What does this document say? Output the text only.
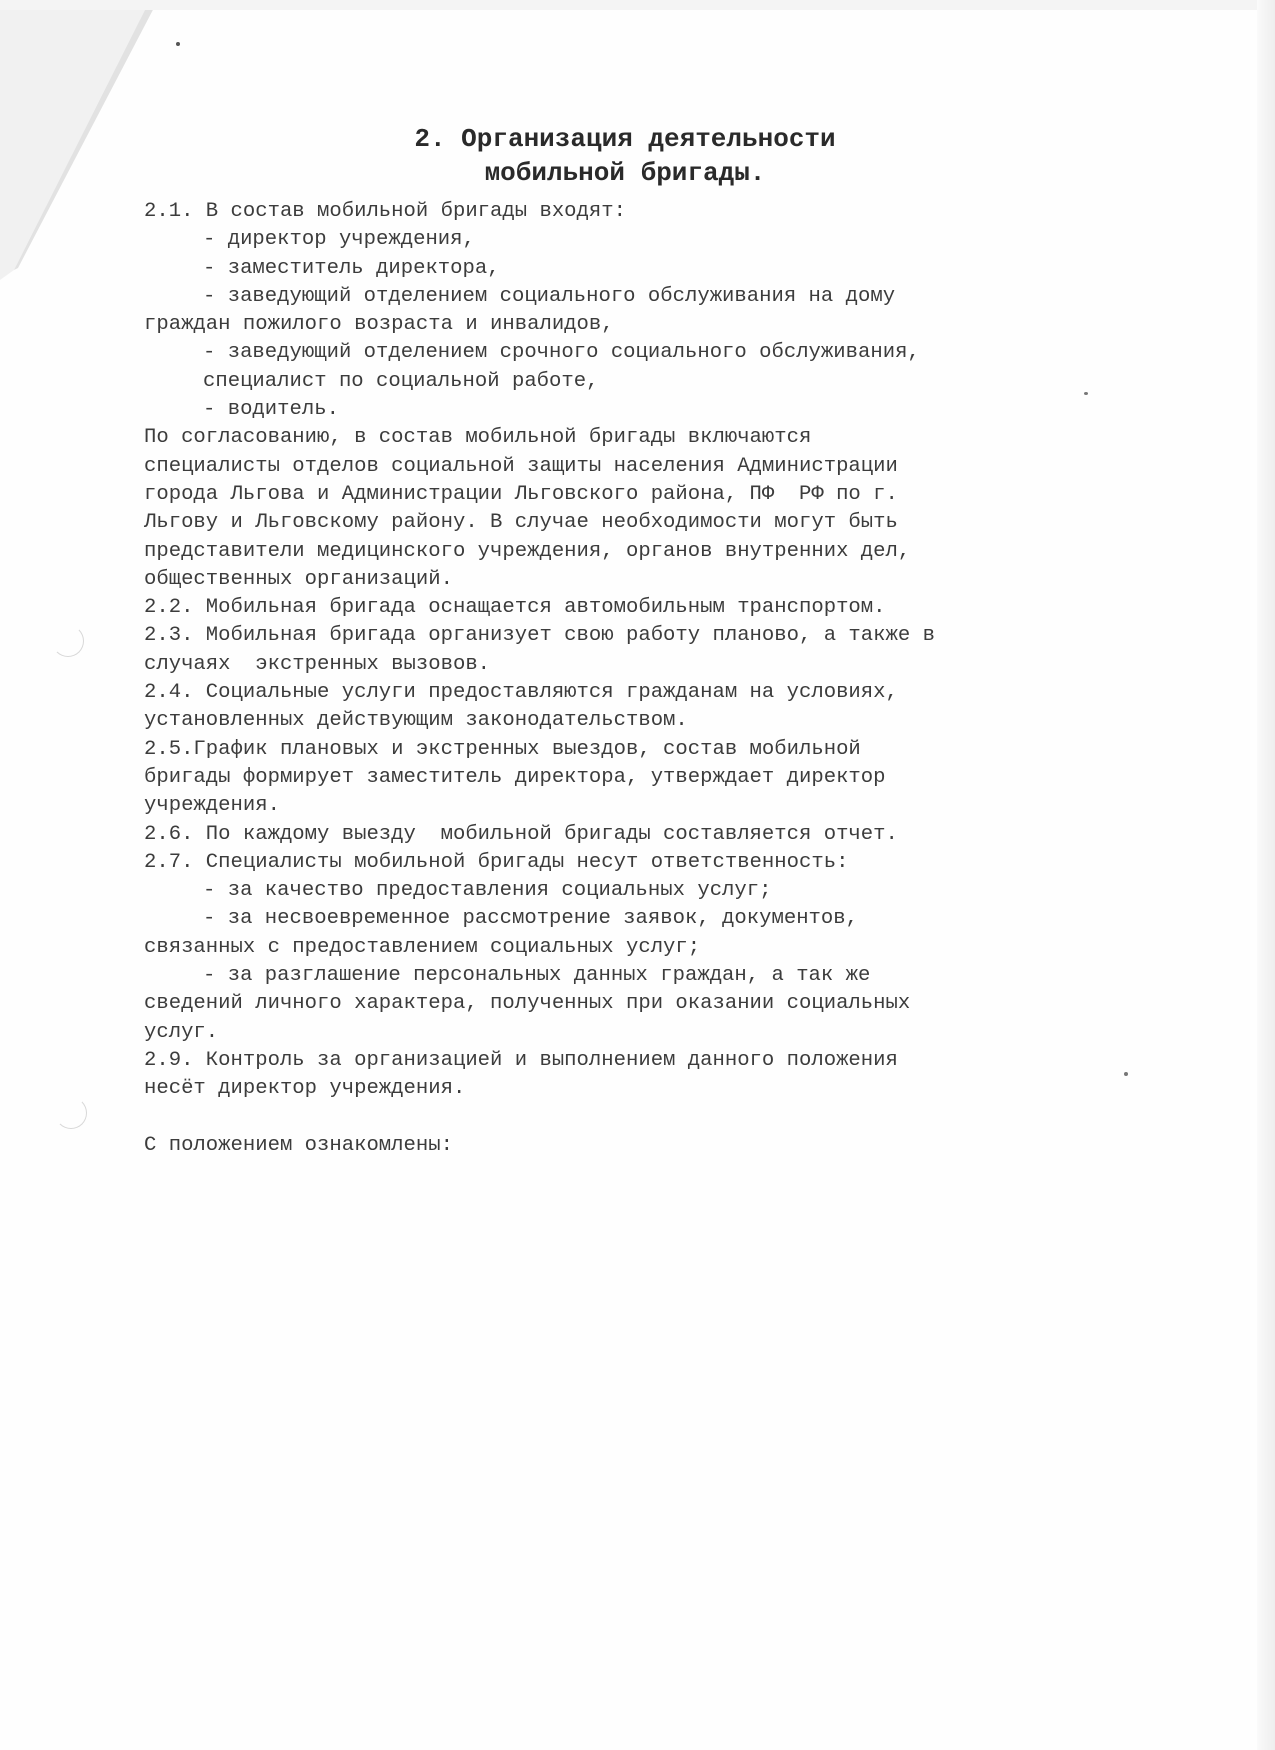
2. Организация деятельности
мобильной бригады.
2.1. В состав мобильной бригады входят:
- директор учреждения,
- заместитель директора,
- заведующий отделением социального обслуживания на дому
граждан пожилого возраста и инвалидов,
- заведующий отделением срочного социального обслуживания,
специалист по социальной работе,
- водитель.
По согласованию, в состав мобильной бригады включаются
специалисты отделов социальной защиты населения Администрации
города Льгова и Администрации Льговского района, ПФ  РФ по г.
Льгову и Льговскому району. В случае необходимости могут быть
представители медицинского учреждения, органов внутренних дел,
общественных организаций.
2.2. Мобильная бригада оснащается автомобильным транспортом.
2.3. Мобильная бригада организует свою работу планово, а также в
случаях  экстренных вызовов.
2.4. Социальные услуги предоставляются гражданам на условиях,
установленных действующим законодательством.
2.5.График плановых и экстренных выездов, состав мобильной
бригады формирует заместитель директора, утверждает директор
учреждения.
2.6. По каждому выезду  мобильной бригады составляется отчет.
2.7. Специалисты мобильной бригады несут ответственность:
- за качество предоставления социальных услуг;
- за несвоевременное рассмотрение заявок, документов,
связанных с предоставлением социальных услуг;
- за разглашение персональных данных граждан, а так же
сведений личного характера, полученных при оказании социальных
услуг.
2.9. Контроль за организацией и выполнением данного положения
несёт директор учреждения.
С положением ознакомлены:
